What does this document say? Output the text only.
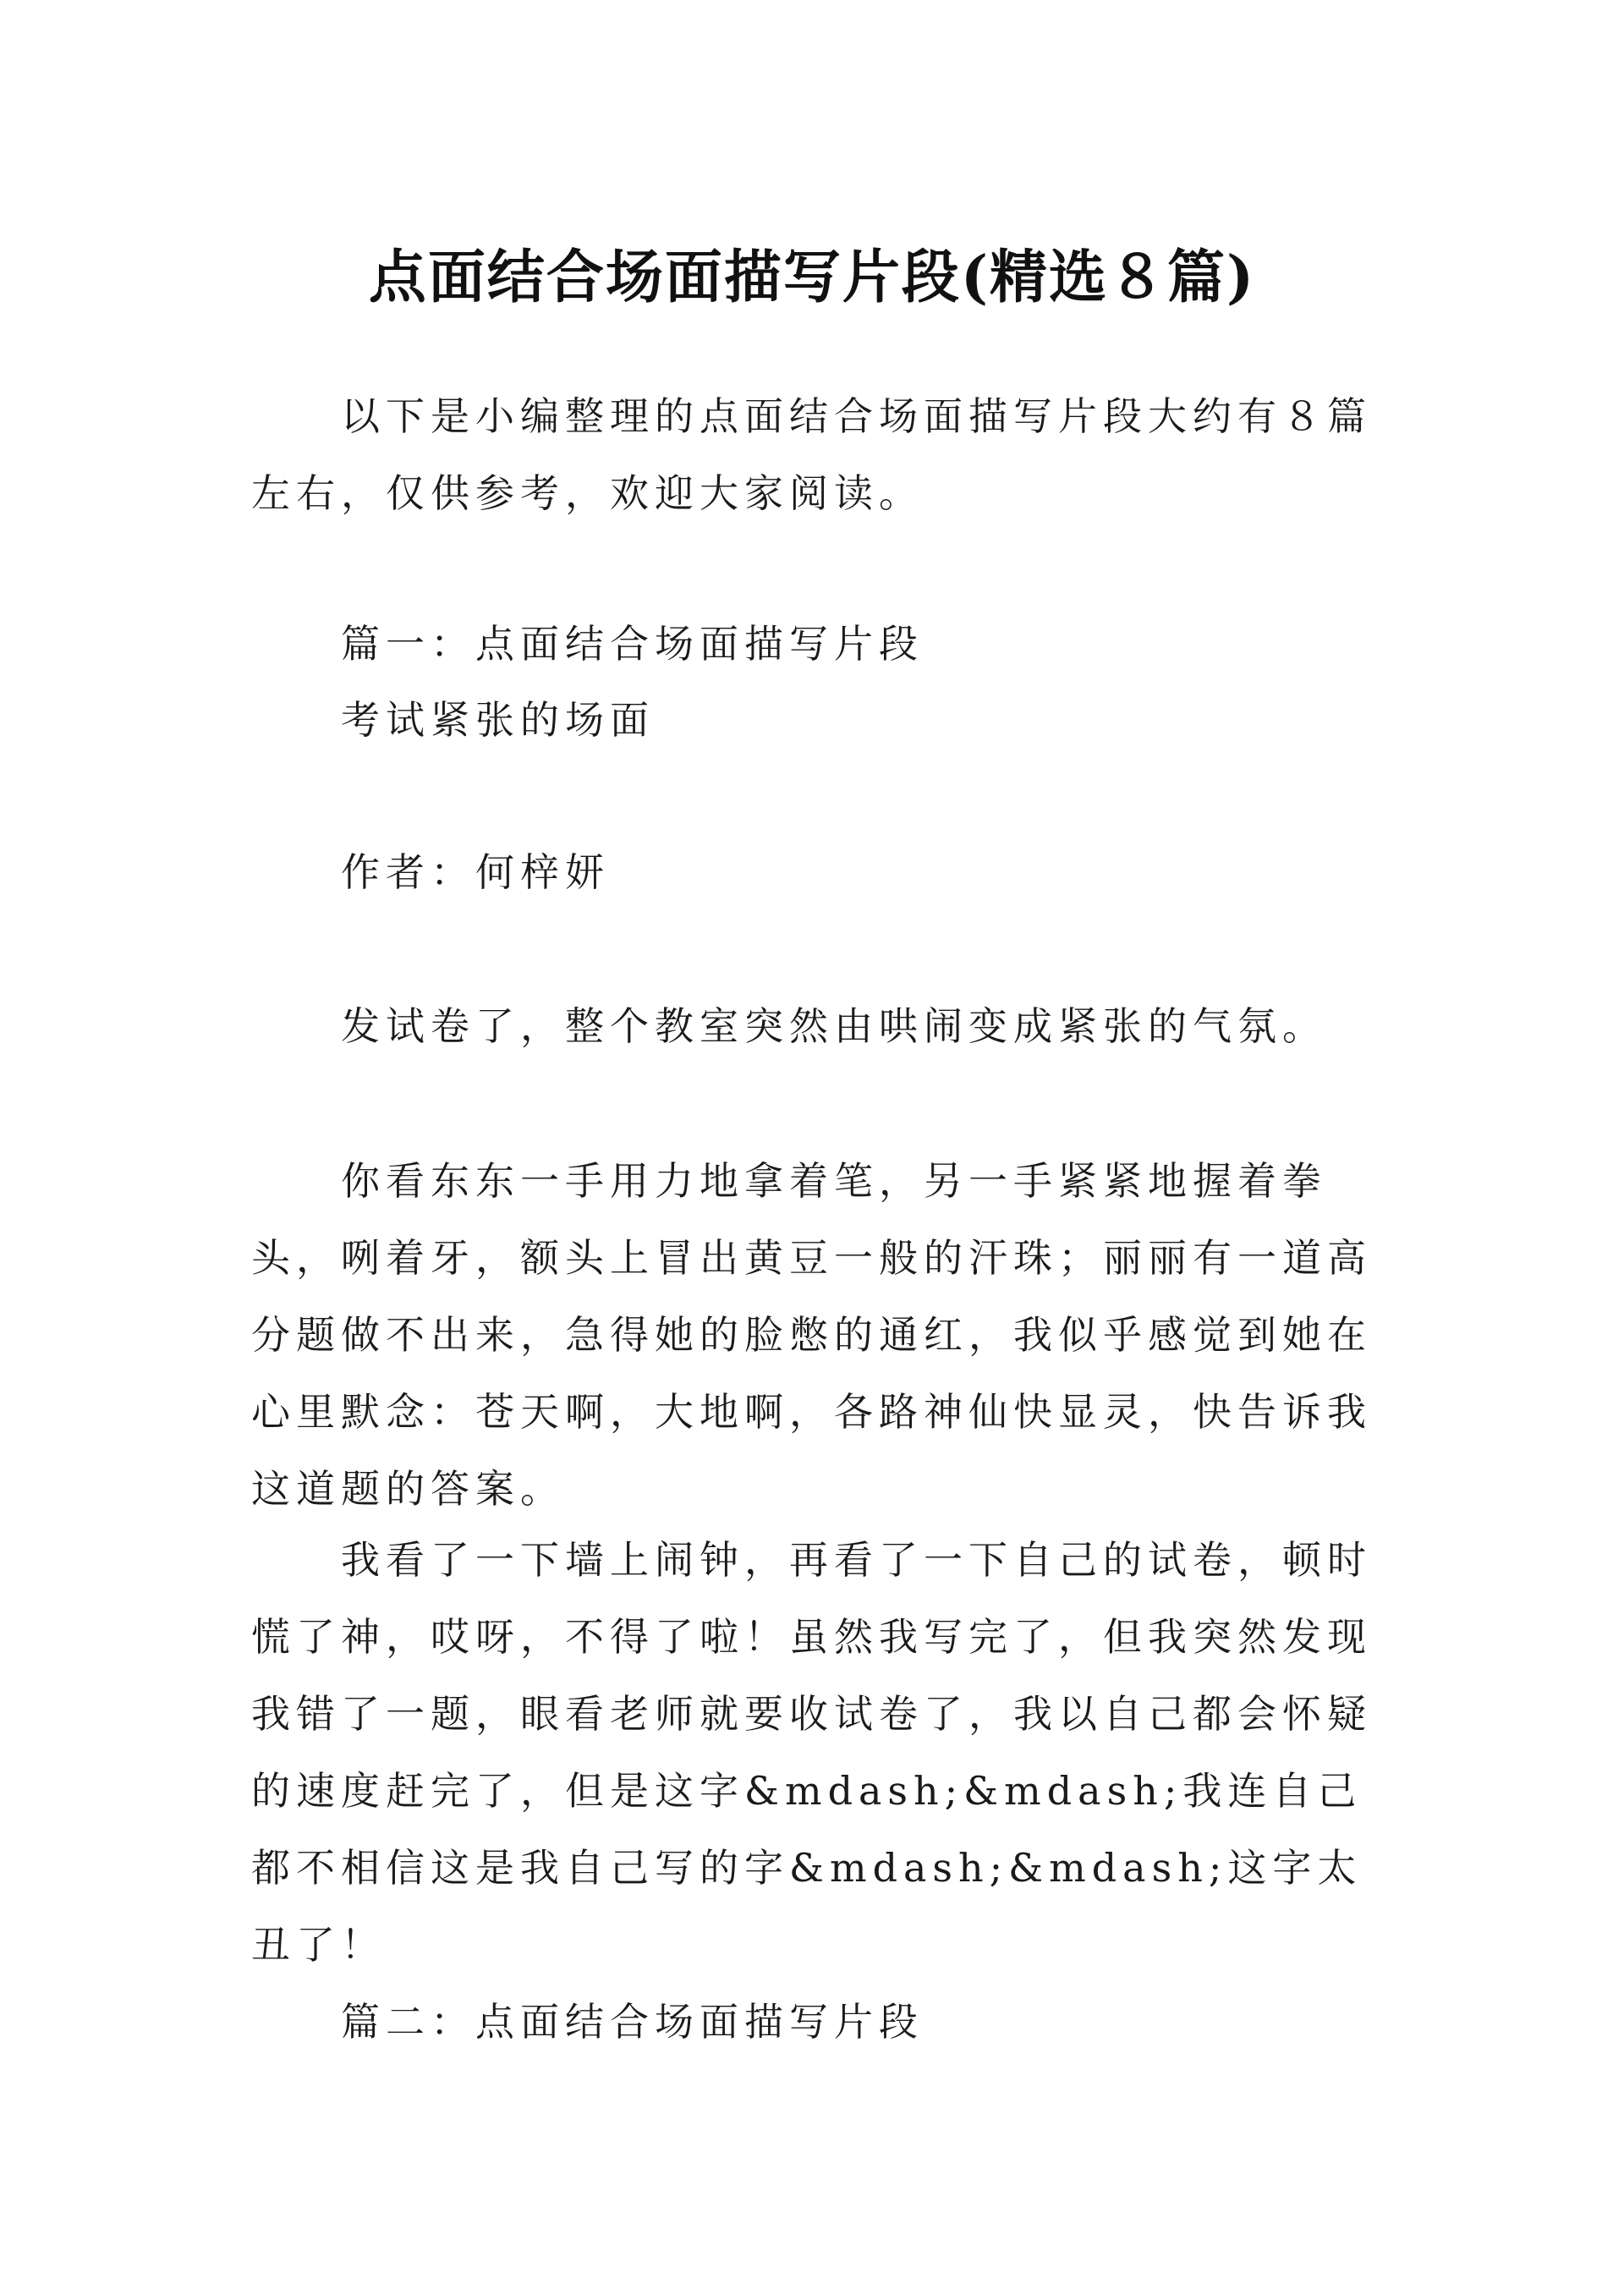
点面结合场面描写片段(精选８篇)

以下是小编整理的点面结合场面描写片段大约有８篇左右，仅供参考，欢迎大家阅读。

篇一：点面结合场面描写片段

考试紧张的场面

作者：何梓妍

发试卷了，整个教室突然由哄闹变成紧张的气氛。

你看东东一手用力地拿着笔，另一手紧紧地握着拳头，咧着牙，额头上冒出黄豆一般的汗珠；丽丽有一道高分题做不出来，急得她的脸憋的通红，我似乎感觉到她在心里默念：苍天啊，大地啊，各路神仙快显灵，快告诉我这道题的答案。

我看了一下墙上闹钟，再看了一下自己的试卷，顿时慌了神，哎呀，不得了啦！虽然我写完了，但我突然发现我错了一题，眼看老师就要收试卷了，我以自己都会怀疑的速度赶完了，但是这字&mdash;&mdash;我连自己都不相信这是我自己写的字&mdash;&mdash;这字太丑了！

篇二：点面结合场面描写片段
